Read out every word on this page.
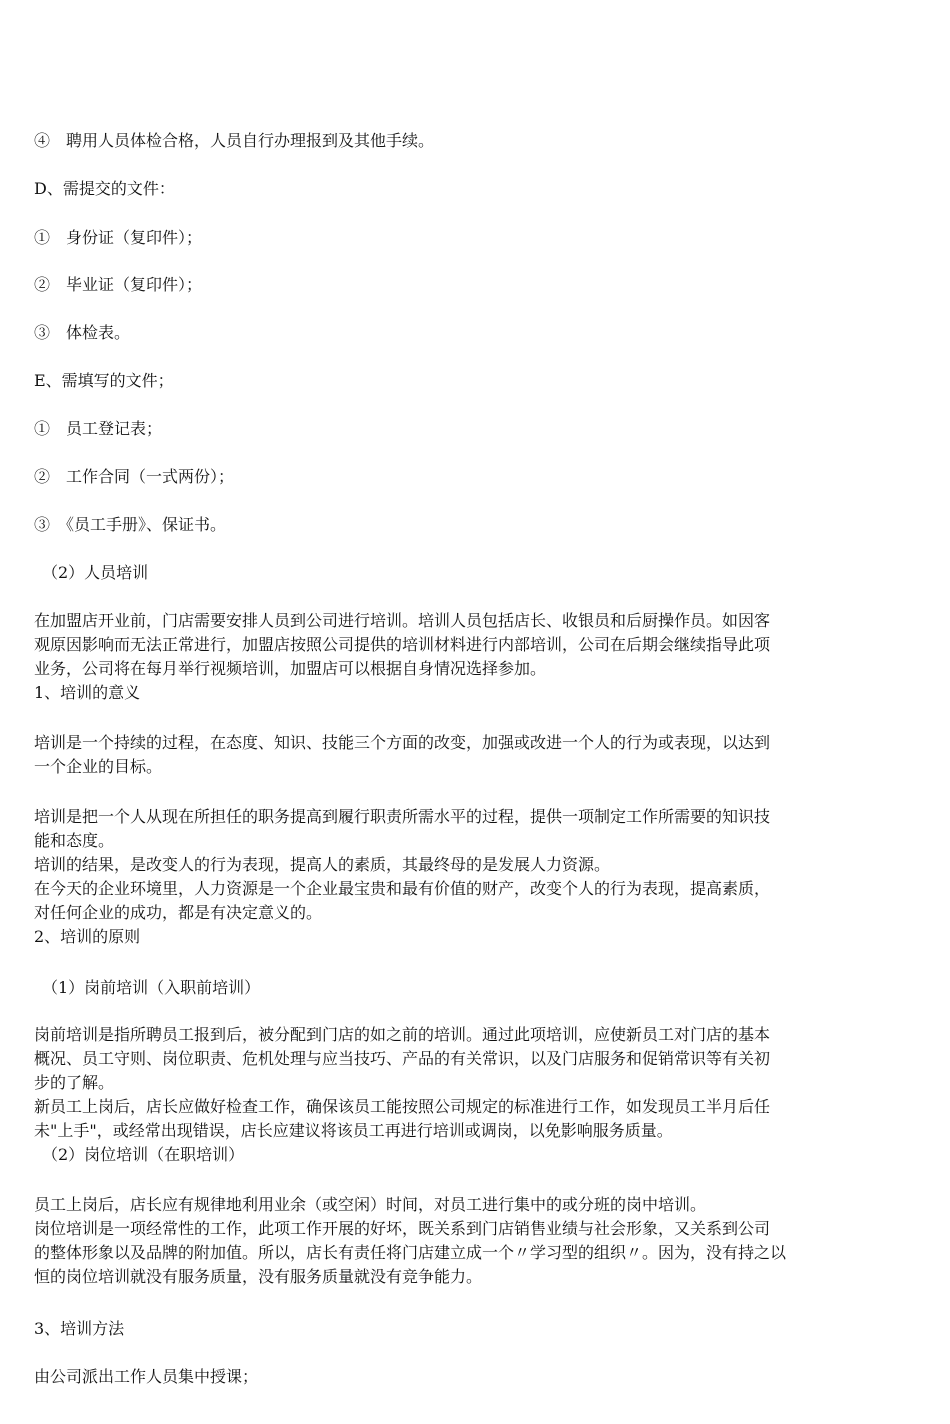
④　聘用人员体检合格，人员自行办理报到及其他手续。
D、需提交的文件：
①　身份证（复印件）；
②　毕业证（复印件）；
③　体检表。
E、需填写的文件；
①　员工登记表；
②　工作合同（一式两份）；
③　《员工手册》、保证书。
（2）人员培训
在加盟店开业前，门店需要安排人员到公司进行培训。培训人员包括店长、收银员和后厨操作员。如因客
观原因影响而无法正常进行，加盟店按照公司提供的培训材料进行内部培训，公司在后期会继续指导此项
业务，公司将在每月举行视频培训，加盟店可以根据自身情况选择参加。
1、培训的意义
培训是一个持续的过程，在态度、知识、技能三个方面的改变，加强或改进一个人的行为或表现，以达到
一个企业的目标。
培训是把一个人从现在所担任的职务提高到履行职责所需水平的过程，提供一项制定工作所需要的知识技
能和态度。
培训的结果，是改变人的行为表现，提高人的素质，其最终母的是发展人力资源。
在今天的企业环境里，人力资源是一个企业最宝贵和最有价值的财产，改变个人的行为表现，提高素质，
对任何企业的成功，都是有决定意义的。
2、培训的原则
（1）岗前培训（入职前培训）
岗前培训是指所聘员工报到后，被分配到门店的如之前的培训。通过此项培训，应使新员工对门店的基本
概况、员工守则、岗位职责、危机处理与应当技巧、产品的有关常识，以及门店服务和促销常识等有关初
步的了解。
新员工上岗后，店长应做好检查工作，确保该员工能按照公司规定的标准进行工作，如发现员工半月后任
未"上手"，或经常出现错误，店长应建议将该员工再进行培训或调岗，以免影响服务质量。
（2）岗位培训（在职培训）
员工上岗后，店长应有规律地利用业余（或空闲）时间，对员工进行集中的或分班的岗中培训。
岗位培训是一项经常性的工作，此项工作开展的好坏，既关系到门店销售业绩与社会形象，又关系到公司
的整体形象以及品牌的附加值。所以，店长有责任将门店建立成一个〃学习型的组织〃。因为，没有持之以
恒的岗位培训就没有服务质量，没有服务质量就没有竞争能力。
3、培训方法
由公司派出工作人员集中授课；
